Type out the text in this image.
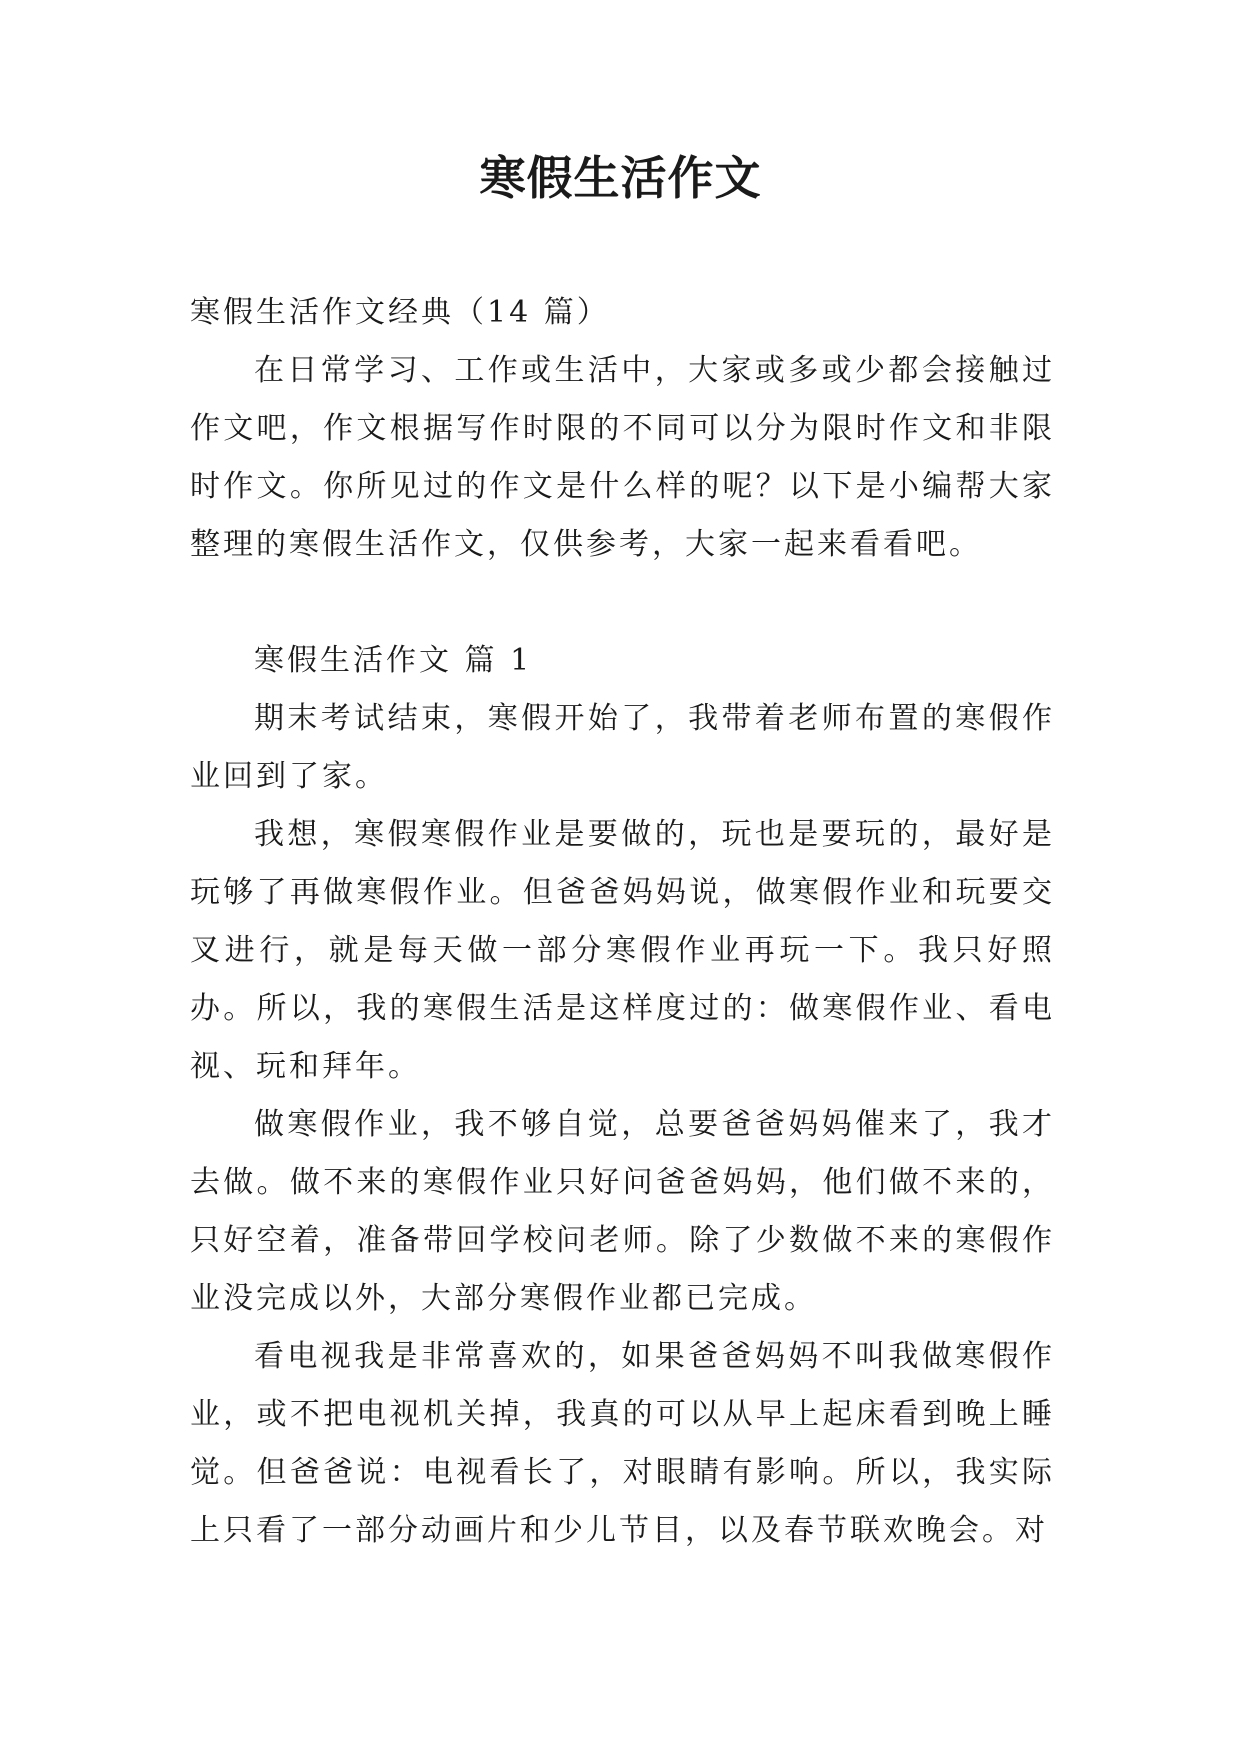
寒假生活作文

寒假生活作文经典（14 篇）

在日常学习、工作或生活中，大家或多或少都会接触过作文吧，作文根据写作时限的不同可以分为限时作文和非限时作文。你所见过的作文是什么样的呢？以下是小编帮大家整理的寒假生活作文，仅供参考，大家一起来看看吧。

寒假生活作文 篇 1

期末考试结束，寒假开始了，我带着老师布置的寒假作业回到了家。

我想，寒假寒假作业是要做的，玩也是要玩的，最好是玩够了再做寒假作业。但爸爸妈妈说，做寒假作业和玩要交叉进行，就是每天做一部分寒假作业再玩一下。我只好照办。所以，我的寒假生活是这样度过的：做寒假作业、看电视、玩和拜年。

做寒假作业，我不够自觉，总要爸爸妈妈催来了，我才去做。做不来的寒假作业只好问爸爸妈妈，他们做不来的，只好空着，准备带回学校问老师。除了少数做不来的寒假作业没完成以外，大部分寒假作业都已完成。

看电视我是非常喜欢的，如果爸爸妈妈不叫我做寒假作业，或不把电视机关掉，我真的可以从早上起床看到晚上睡觉。但爸爸说：电视看长了，对眼睛有影响。所以，我实际上只看了一部分动画片和少儿节目，以及春节联欢晚会。对
